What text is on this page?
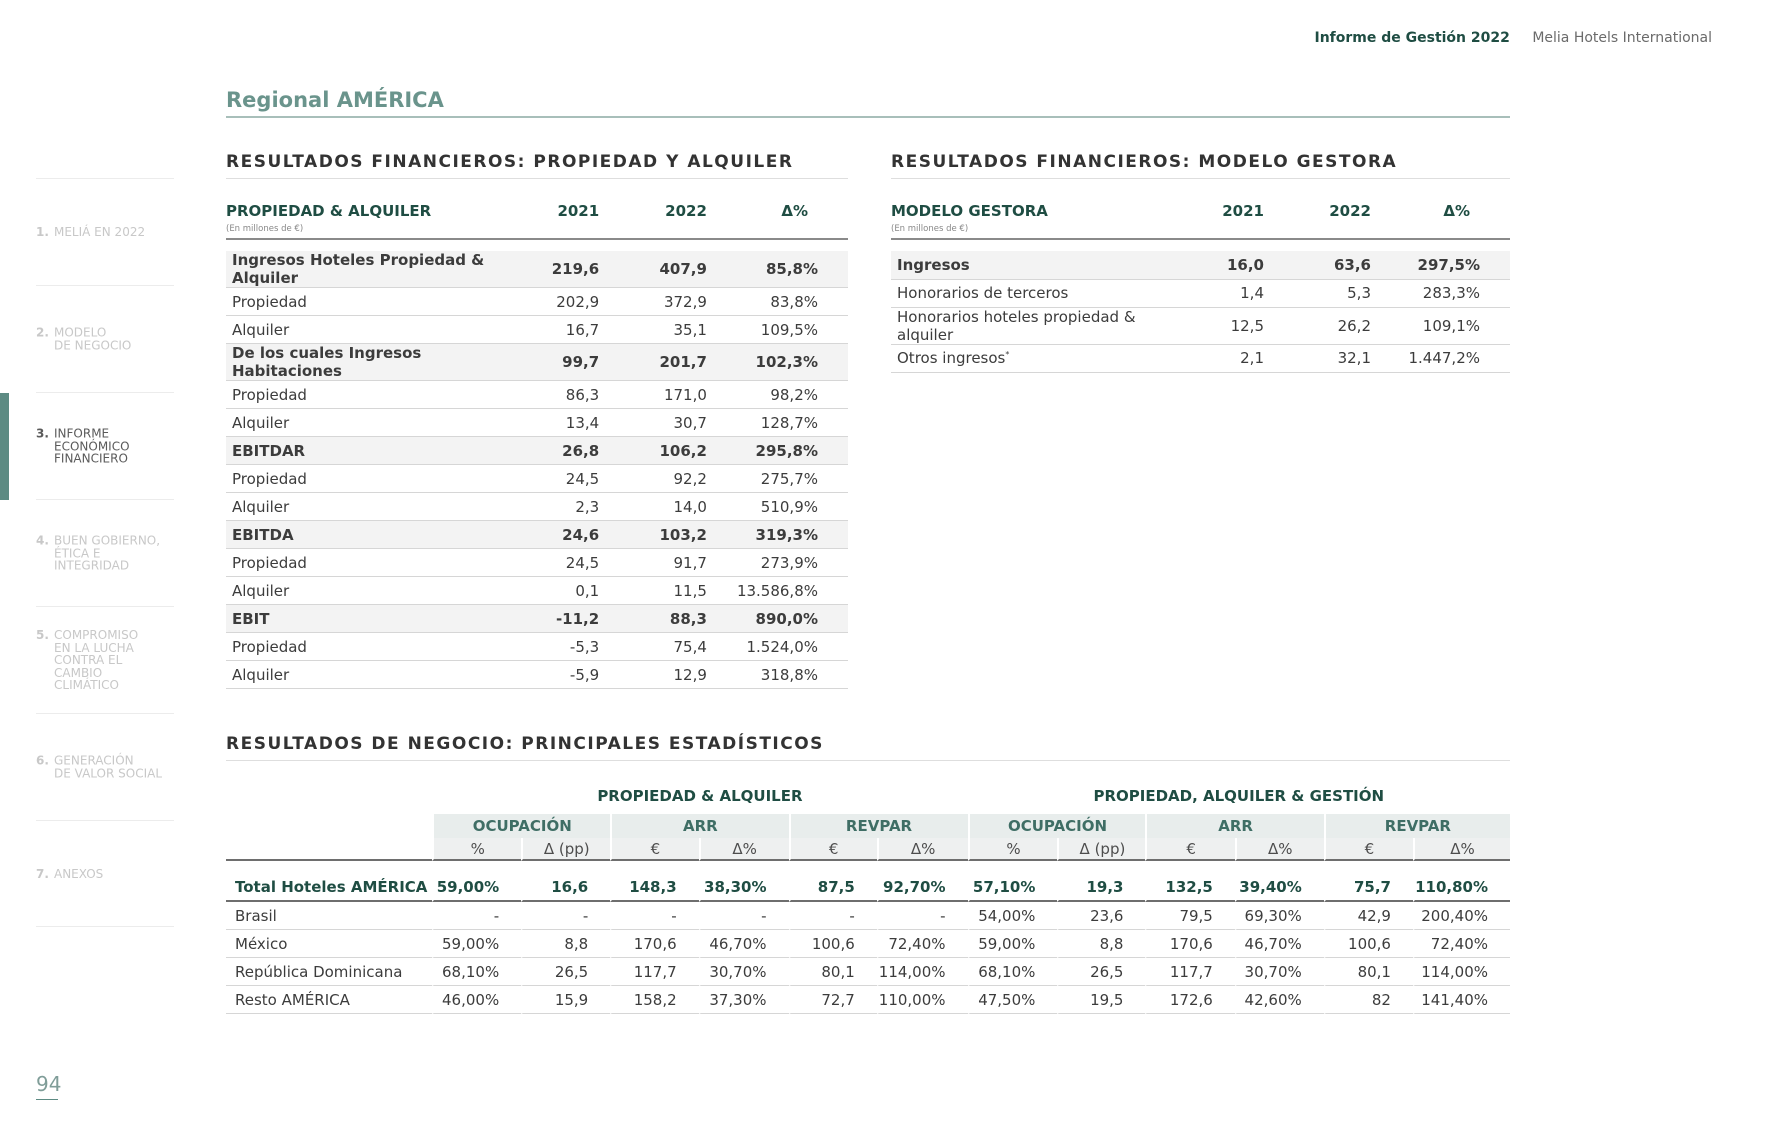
Informe de Gestión 2022 Melia Hotels International
1. MELIÁ EN 2022
2. MODELO
DE NEGOCIO
3. INFORME
ECONÓMICO
FINANCIERO
4. BUEN GOBIERNO,
ÉTICA E INTEGRIDAD
5. COMPROMISO
EN LA LUCHA
CONTRA EL CAMBIO
CLIMÁTICO
6. GENERACIÓN
DE VALOR SOCIAL
7. ANEXOS
94
Regional AMÉRICA
RESULTADOS FINANCIEROS: PROPIEDAD Y ALQUILER
PROPIEDAD & ALQUILER
(En millones de €)	2021	2022	Δ%

Ingresos Hoteles Propiedad & Alquiler	219,6	407,9	85,8%
Propiedad	202,9	372,9	83,8%
Alquiler	16,7	35,1	109,5%
De los cuales Ingresos Habitaciones	99,7	201,7	102,3%
Propiedad	86,3	171,0	98,2%
Alquiler	13,4	30,7	128,7%
EBITDAR	26,8	106,2	295,8%
Propiedad	24,5	92,2	275,7%
Alquiler	2,3	14,0	510,9%
EBITDA	24,6	103,2	319,3%
Propiedad	24,5	91,7	273,9%
Alquiler	0,1	11,5	13.586,8%
EBIT	-11,2	88,3	890,0%
Propiedad	-5,3	75,4	1.524,0%
Alquiler	-5,9	12,9	318,8%
RESULTADOS FINANCIEROS: MODELO GESTORA
MODELO GESTORA
(En millones de €)	2021	2022	Δ%

Ingresos	16,0	63,6	297,5%
Honorarios de terceros	1,4	5,3	283,3%
Honorarios hoteles propiedad & alquiler	12,5	26,2	109,1%
Otros ingresos*	2,1	32,1	1.447,2%
RESULTADOS DE NEGOCIO: PRINCIPALES ESTADÍSTICOS
	PROPIEDAD & ALQUILER						PROPIEDAD, ALQUILER & GESTIÓN					
	OCUPACIÓN		ARR		REVPAR		OCUPACIÓN		ARR		REVPAR	
	%	Δ (pp)	€	Δ%	€	Δ%	%	Δ (pp)	€	Δ%	€	Δ%

Total Hoteles AMÉRICA	59,00%	16,6	148,3	38,30%	87,5	92,70%	57,10%	19,3	132,5	39,40%	75,7	110,80%
Brasil	-	-	-	-	-	-	54,00%	23,6	79,5	69,30%	42,9	200,40%
México	59,00%	8,8	170,6	46,70%	100,6	72,40%	59,00%	8,8	170,6	46,70%	100,6	72,40%
República Dominicana	68,10%	26,5	117,7	30,70%	80,1	114,00%	68,10%	26,5	117,7	30,70%	80,1	114,00%
Resto AMÉRICA	46,00%	15,9	158,2	37,30%	72,7	110,00%	47,50%	19,5	172,6	42,60%	82	141,40%
